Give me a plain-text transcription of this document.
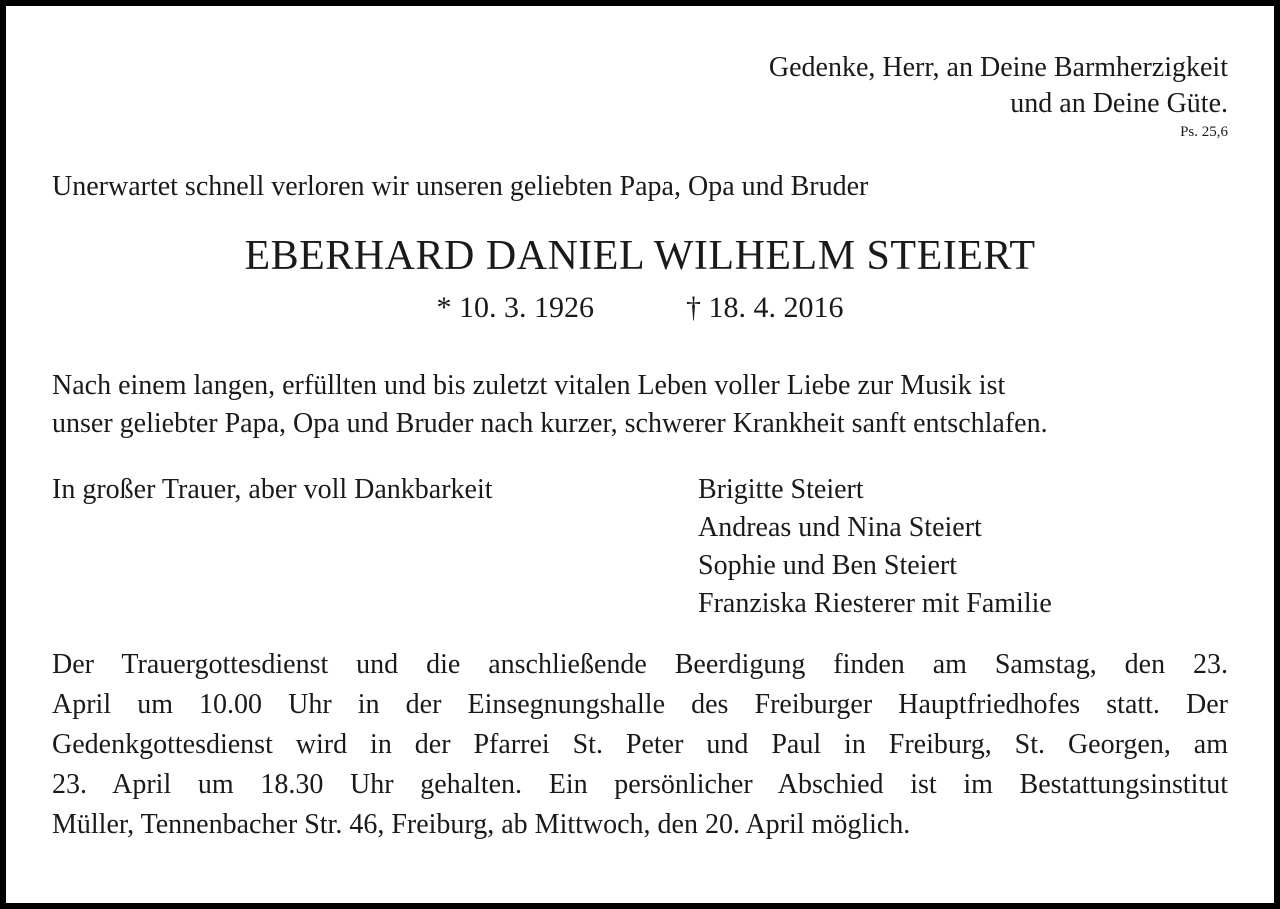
Gedenke, Herr, an Deine Barmherzigkeit
und an Deine Güte.
Ps. 25,6
Unerwartet schnell verloren wir unseren geliebten Papa, Opa und Bruder
EBERHARD DANIEL WILHELM STEIERT
* 10. 3. 1926	† 18. 4. 2016
Nach einem langen, erfüllten und bis zuletzt vitalen Leben voller Liebe zur Musik ist
unser geliebter Papa, Opa und Bruder nach kurzer, schwerer Krankheit sanft entschlafen.
In großer Trauer, aber voll Dankbarkeit	Brigitte Steiert
Andreas und Nina Steiert
Sophie und Ben Steiert
Franziska Riesterer mit Familie
Der Trauergottesdienst und die anschließende Beerdigung finden am Samstag, den 23.
April um 10.00 Uhr in der Einsegnungshalle des Freiburger Hauptfriedhofes statt. Der
Gedenkgottesdienst wird in der Pfarrei St. Peter und Paul in Freiburg, St. Georgen, am
23. April um 18.30 Uhr gehalten. Ein persönlicher Abschied ist im Bestattungsinstitut
Müller, Tennenbacher Str. 46, Freiburg, ab Mittwoch, den 20. April möglich.
